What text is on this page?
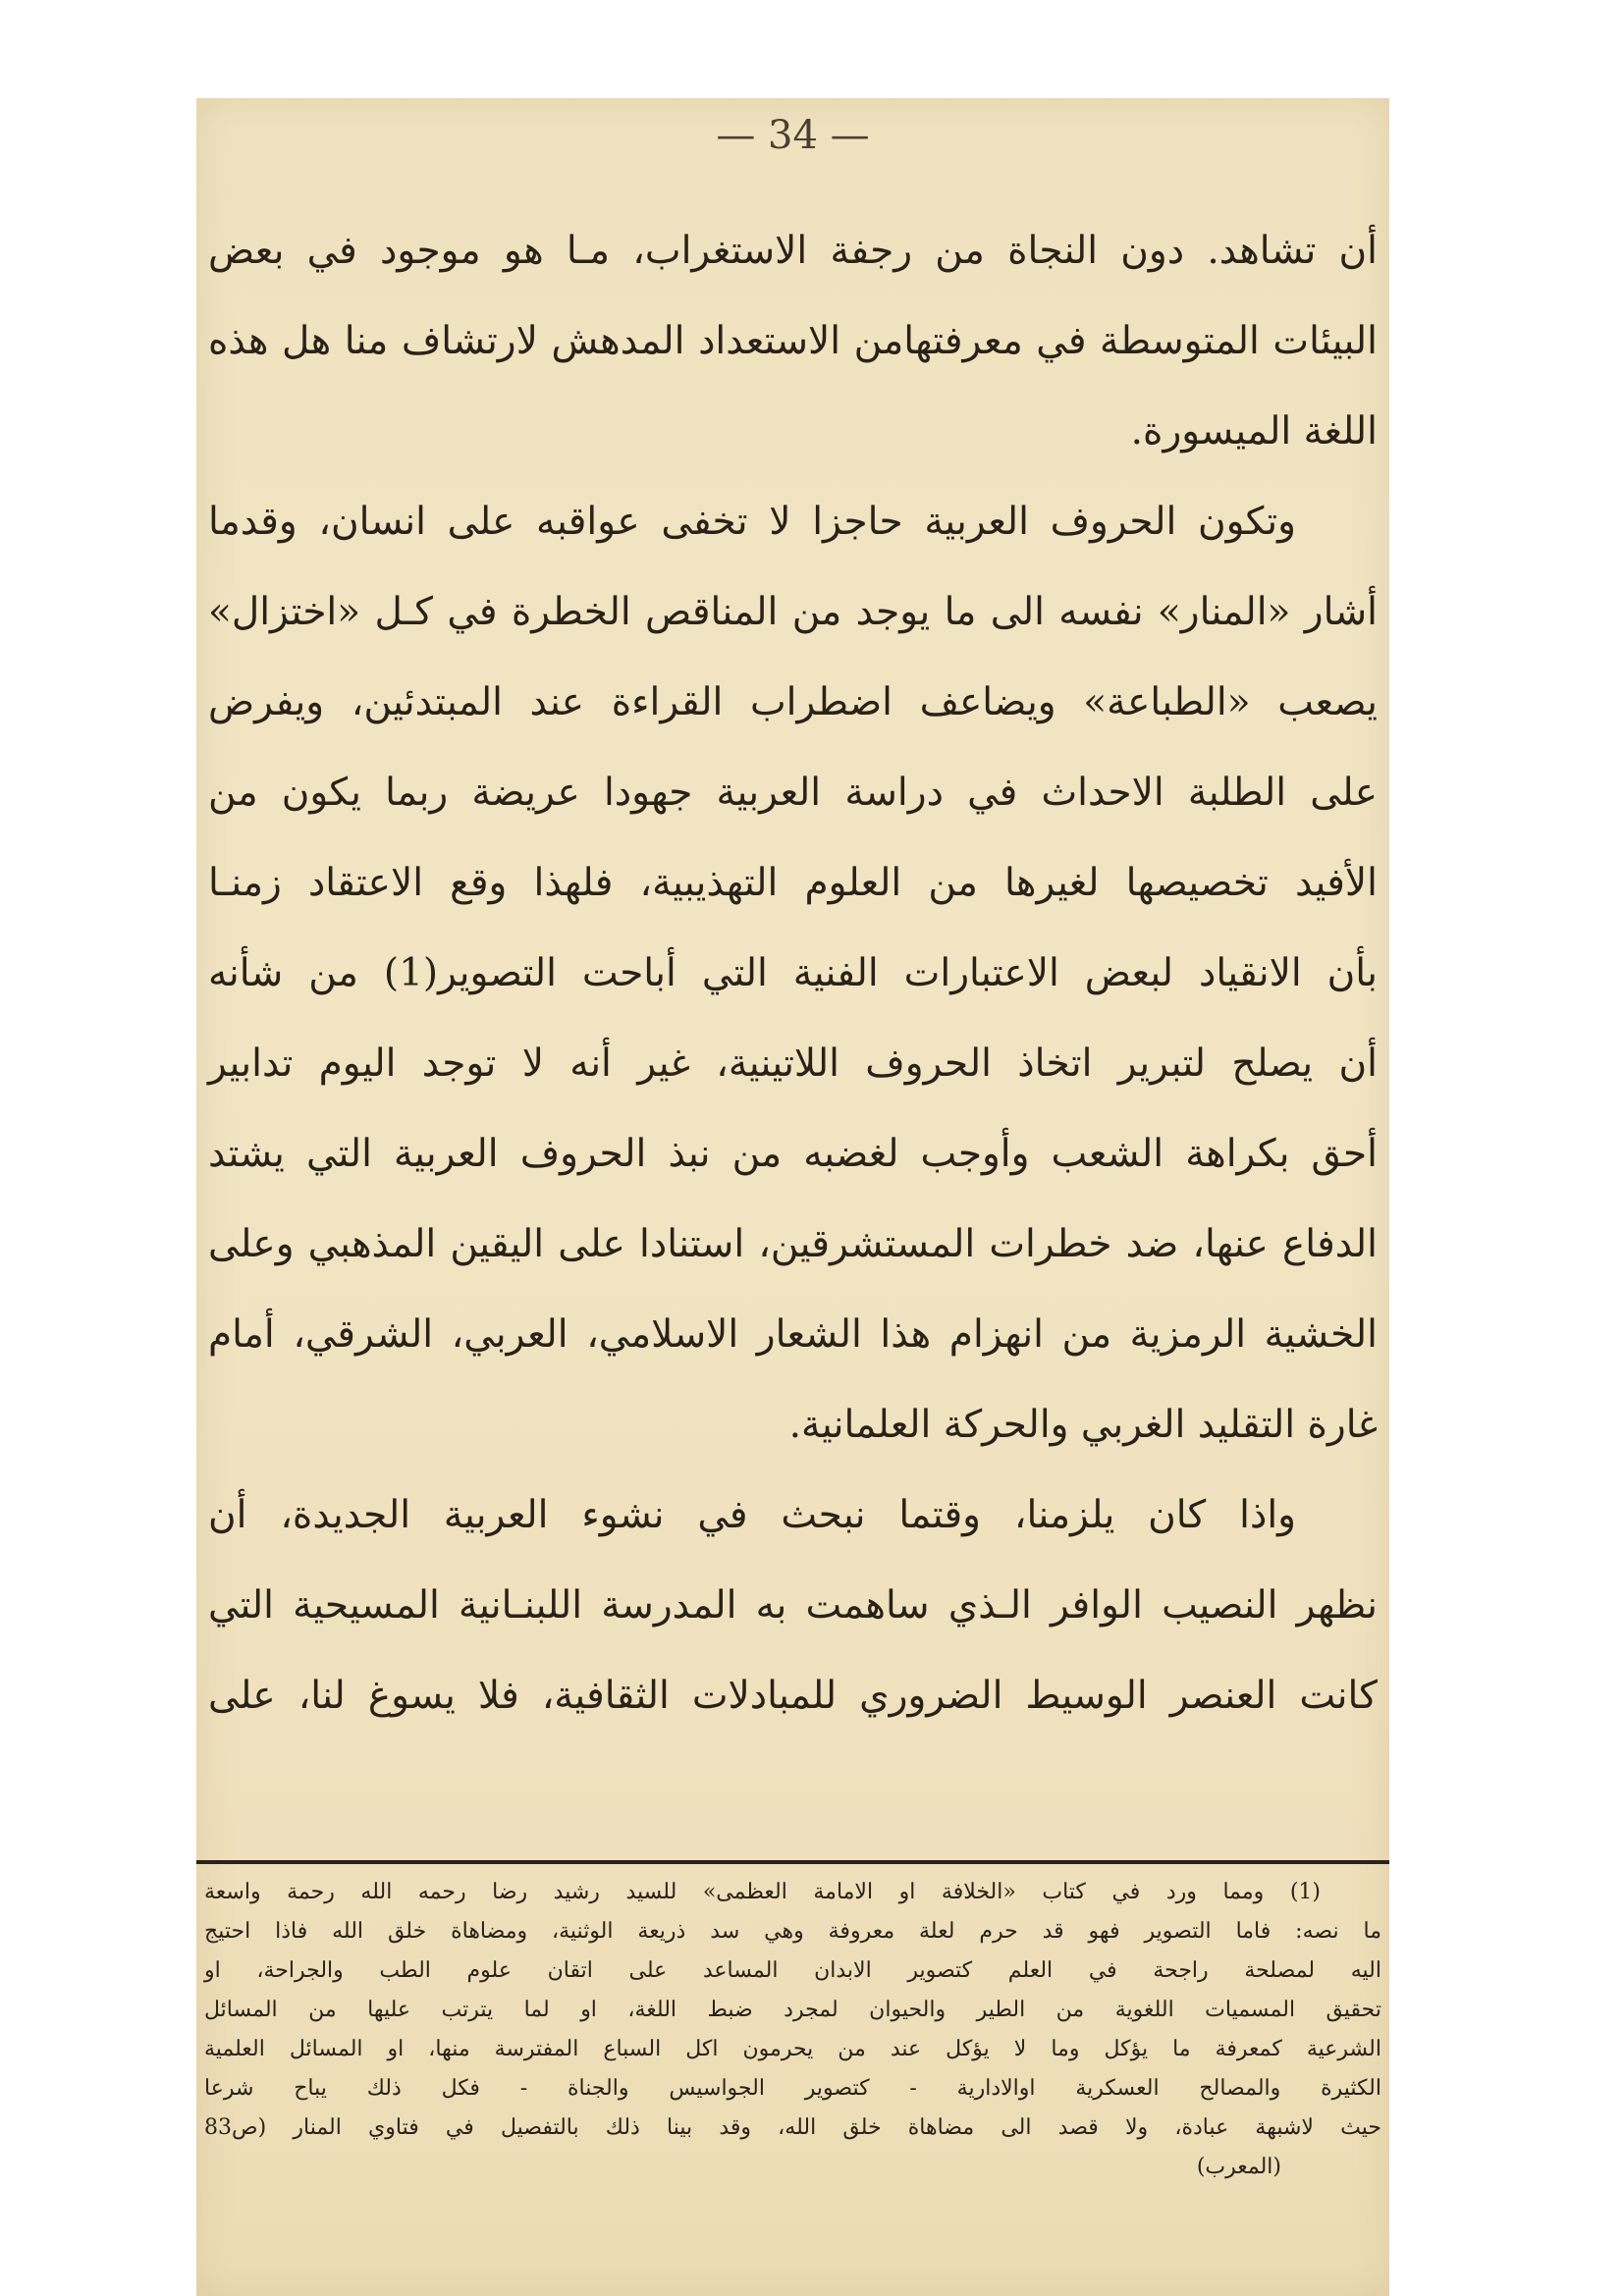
— 34 —
أن تشاهد. دون النجاة من رجفة الاستغراب، مـا هو موجود في بعض
البيئات المتوسطة في معرفتهامن الاستعداد المدهش لارتشاف منا هل هذه
اللغة الميسورة.
وتكون الحروف العربية حاجزا لا تخفى عواقبه على انسان، وقدما
أشار «المنار» نفسه الى ما يوجد من المناقص الخطرة في كـل «اختزال»
يصعب «الطباعة» ويضاعف اضطراب القراءة عند المبتدئين، ويفرض
على الطلبة الاحداث في دراسة العربية جهودا عريضة ربما يكون من
الأفيد تخصيصها لغيرها من العلوم التهذيبية، فلهذا وقع الاعتقاد زمنـا
بأن الانقياد لبعض الاعتبارات الفنية التي أباحت التصوير(1) من شأنه
أن يصلح لتبرير اتخاذ الحروف اللاتينية، غير أنه لا توجد اليوم تدابير
أحق بكراهة الشعب وأوجب لغضبه من نبذ الحروف العربية التي يشتد
الدفاع عنها، ضد خطرات المستشرقين، استنادا على اليقين المذهبي وعلى
الخشية الرمزية من انهزام هذا الشعار الاسلامي، العربي، الشرقي، أمام
غارة التقليد الغربي والحركة العلمانية.
واذا كان يلزمنا، وقتما نبحث في نشوء العربية الجديدة، أن
نظهر النصيب الوافر الـذي ساهمت به المدرسة اللبنـانية المسيحية التي
كانت العنصر الوسيط الضروري للمبادلات الثقافية، فلا يسوغ لنا، على
(1) ومما ورد في كتاب «الخلافة او الامامة العظمى» للسيد رشيد رضا رحمه الله رحمة واسعة
ما نصه: فاما التصوير فهو قد حرم لعلة معروفة وهي سد ذريعة الوثنية، ومضاهاة خلق الله فاذا احتيج
اليه لمصلحة راجحة في العلم كتصوير الابدان المساعد على اتقان علوم الطب والجراحة، او
تحقيق المسميات اللغوية من الطير والحيوان لمجرد ضبط اللغة، او لما يترتب عليها من المسائل
الشرعية كمعرفة ما يؤكل وما لا يؤكل عند من يحرمون اكل السباع المفترسة منها، او المسائل العلمية
الكثيرة والمصالح العسكرية اوالادارية - كتصوير الجواسيس والجناة - فكل ذلك يباح شرعا
حيث لاشبهة عبادة، ولا قصد الى مضاهاة خلق الله، وقد بينا ذلك بالتفصيل في فتاوي المنار (ص83
(المعرب)
